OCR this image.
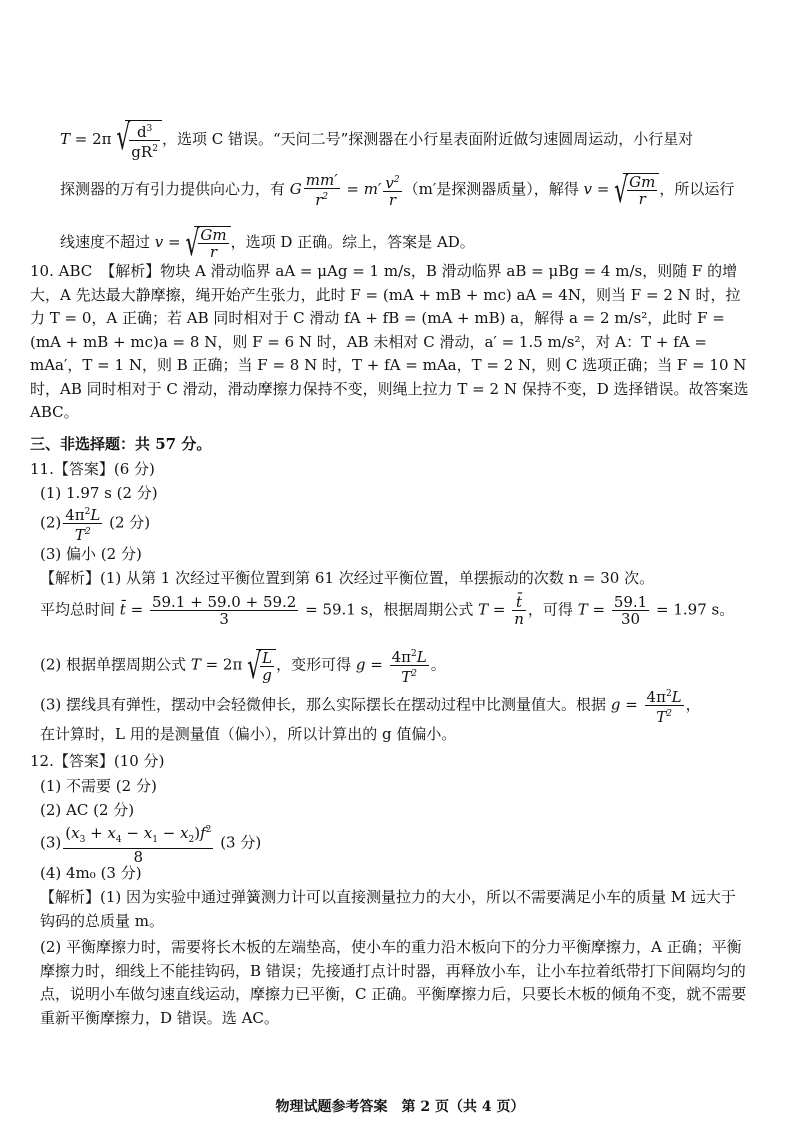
T = 2π √
$\frac{d^3}{gR^2}$ ，选项 C 错误。“天问二号”探测器在小行星表面附近做匀速圆周运动，小行星对
探测器的万有引力提供向心力，有 G $\frac{mm'}{r^2} = m' \frac{v^2}{r} (m'$是探测器质量），解得 v = √
$\frac{Gm}{r}$ ，所以运行
线速度不超过 v = √
$\frac{Gm}{r}$ ，选项 D 正确。综上，答案是 AD。
10. ABC 【解析】物块 A 滑动临界 aA = μAg = 1 m/s，B 滑动临界 aB = μBg = 4 m/s，则随 F 的增大，A 先达最大静摩擦，绳开始产生张力，此时 F = (mA + mB + mc) aA = 4N，则当 F = 2 N 时，拉力 T = 0，A 正确；若 AB 同时相对于 C 滑动 fA + fB = (mA + mB) a，解得 a = 2 m/s²，此时 F = (mA + mB + mc)a = 8 N，则 F = 6 N 时，AB 未相对 C 滑动，a′ = 1.5 m/s²，对 A：T + fA = mAa′，T = 1 N，则 B 正确；当 F = 8 N 时，T + fA = mAa，T = 2 N，则 C 选项正确；当 F = 10 N 时，AB 同时相对于 C 滑动，滑动摩擦力保持不变，则绳上拉力 T = 2 N 保持不变，D 选择错误。故答案选 ABC。
三、非选择题：共 57 分。
11.【答案】(6 分)
(1) 1.97 s (2 分)
$(2) \frac{4\pi^2L}{T^2} (2$ 分)
(3) 偏小 (2 分)
【解析】(1) 从第 1 次经过平衡位置到第 61 次经过平衡位置，单摆振动的次数 n = 30 次。
平均总时间 t̄ = $\frac{59.1 + 59.0 + 59.2}{3} = 59.1$ s，根据周期公式 $T = \frac{t̄}{n}$ ，可得 $T = \frac{59.1}{30} = 1.97$ s。
(2) 根据单摆周期公式 T = 2π √
$\frac{L}{g}$ ，变形可得 $g = \frac{4\pi^2L}{T^2}$ 。
(3) 摆线具有弹性，摆动中会轻微伸长，那么实际摆长在摆动过程中比测量值大。根据 $g = \frac{4\pi^2L}{T^2}$ ，
在计算时，L 用的是测量值（偏小），所以计算出的 g 值偏小。
12.【答案】(10 分)
(1) 不需要 (2 分)
(2) AC (2 分)
$(3) \frac{(x_3 + x_4 - x_1 - x_2)f^2}{8} (3$ 分)
(4) 4m₀ (3 分)
【解析】(1) 因为实验中通过弹簧测力计可以直接测量拉力的大小，所以不需要满足小车的质量 M 远大于钩码的总质量 m。
(2) 平衡摩擦力时，需要将长木板的左端垫高，使小车的重力沿木板向下的分力平衡摩擦力，A 正确；平衡摩擦力时，细线上不能挂钩码，B 错误；先接通打点计时器，再释放小车，让小车拉着纸带打下间隔均匀的点，说明小车做匀速直线运动，摩擦力已平衡，C 正确。平衡摩擦力后，只要长木板的倾角不变，就不需要重新平衡摩擦力，D 错误。选 AC。
物理试题参考答案　第 2 页（共 4 页）
